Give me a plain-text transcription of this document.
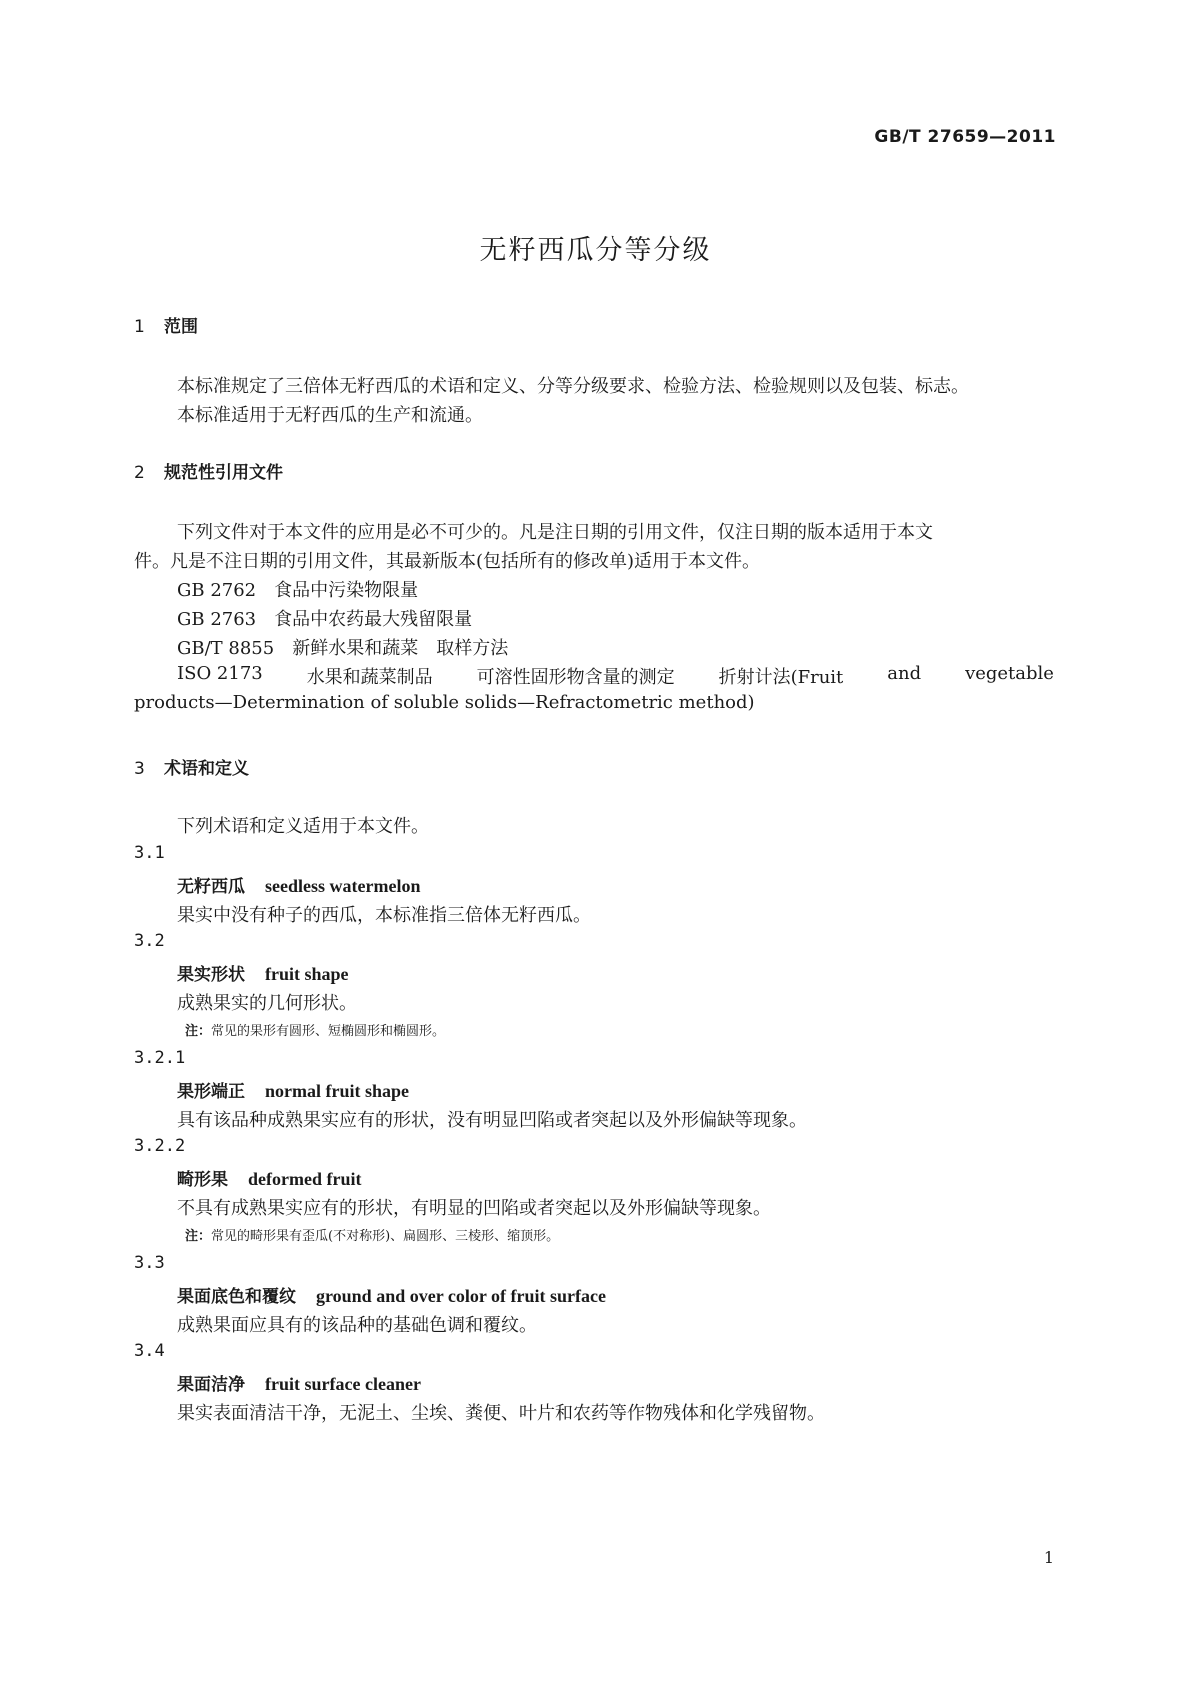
GB/T 27659—2011
无籽西瓜分等分级
1 范围
本标准规定了三倍体无籽西瓜的术语和定义、分等分级要求、检验方法、检验规则以及包装、标志。
本标准适用于无籽西瓜的生产和流通。
2 规范性引用文件
下列文件对于本文件的应用是必不可少的。凡是注日期的引用文件，仅注日期的版本适用于本文
件。凡是不注日期的引用文件，其最新版本(包括所有的修改单)适用于本文件。
GB 2762　 食品中污染物限量
GB 2763　 食品中农药最大残留限量
GB/T 8855　 新鲜水果和蔬菜　取样方法
ISO 2173 水果和蔬菜制品 可溶性固形物含量的测定 折射计法(Fruit and vegetable
products—Determination of soluble solids—Refractometric method)
3 术语和定义
下列术语和定义适用于本文件。
3.1
无籽西瓜 seedless watermelon
果实中没有种子的西瓜，本标准指三倍体无籽西瓜。
3.2
果实形状 fruit shape
成熟果实的几何形状。
注：常见的果形有圆形、短椭圆形和椭圆形。
3.2.1
果形端正 normal fruit shape
具有该品种成熟果实应有的形状，没有明显凹陷或者突起以及外形偏缺等现象。
3.2.2
畸形果 deformed fruit
不具有成熟果实应有的形状，有明显的凹陷或者突起以及外形偏缺等现象。
注：常见的畸形果有歪瓜(不对称形)、扁圆形、三棱形、缩顶形。
3.3
果面底色和覆纹 ground and over color of fruit surface
成熟果面应具有的该品种的基础色调和覆纹。
3.4
果面洁净 fruit surface cleaner
果实表面清洁干净，无泥土、尘埃、粪便、叶片和农药等作物残体和化学残留物。
1
